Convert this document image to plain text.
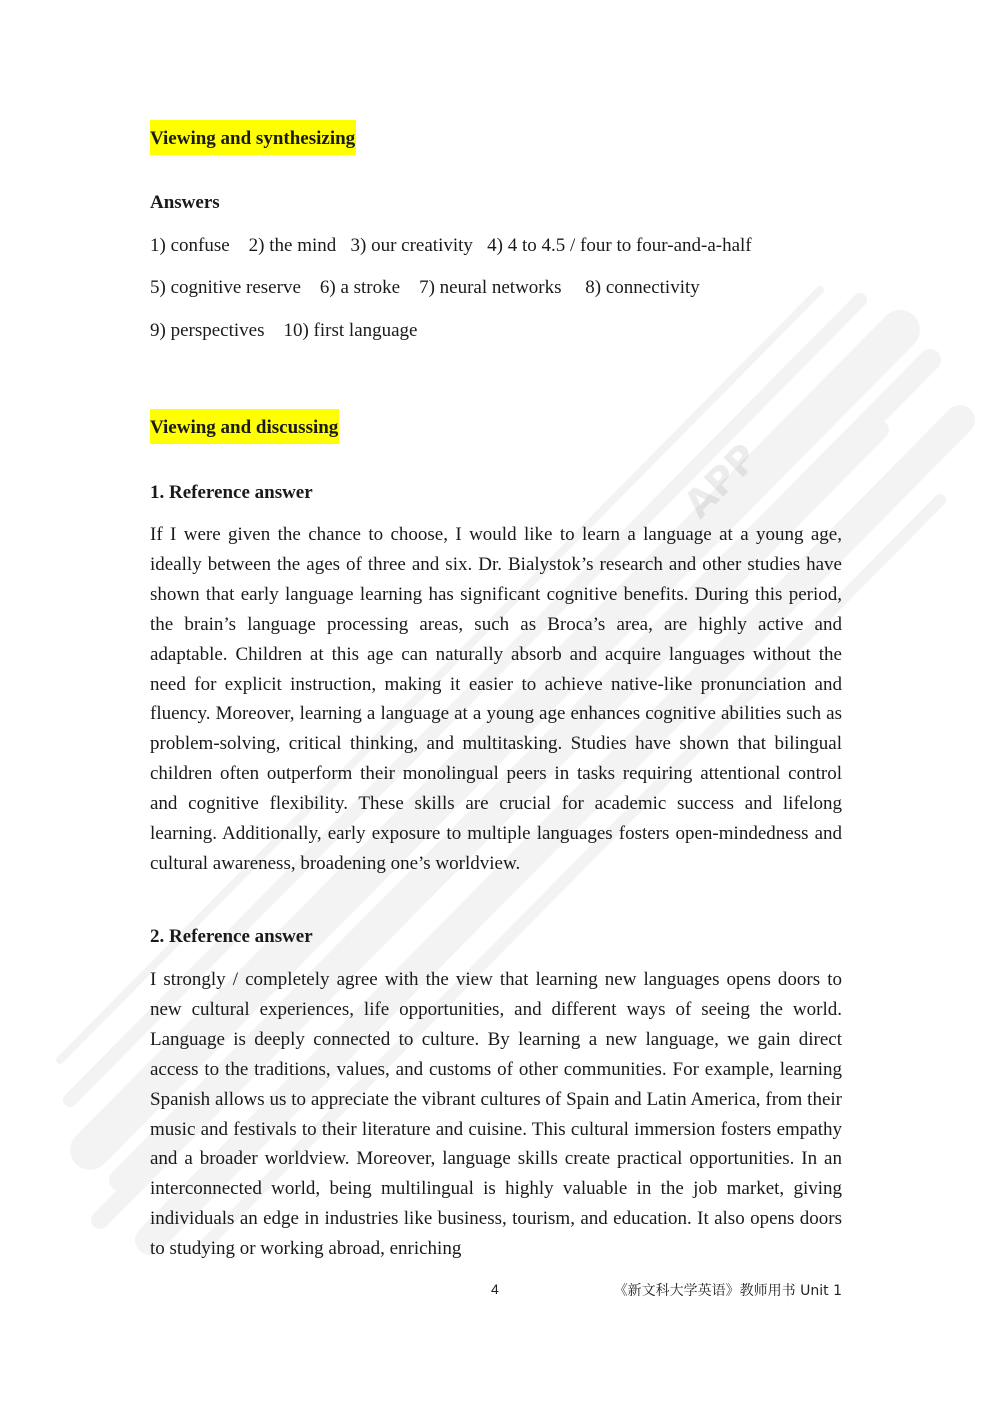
APP
Viewing and synthesizing
Answers
1) confuse    2) the mind   3) our creativity   4) 4 to 4.5 / four to four-and-a-half
5) cognitive reserve    6) a stroke    7) neural networks     8) connectivity
9) perspectives    10) first language
Viewing and discussing
1. Reference answer
If I were given the chance to choose, I would like to learn a language at a young age, ideally between the ages of three and six. Dr. Bialystok’s research and other studies have shown that early language learning has significant cognitive benefits. During this period, the brain’s language processing areas, such as Broca’s area, are highly active and adaptable. Children at this age can naturally absorb and acquire languages without the need for explicit instruction, making it easier to achieve native-like pronunciation and fluency. Moreover, learning a language at a young age enhances cognitive abilities such as problem-solving, critical thinking, and multitasking. Studies have shown that bilingual children often outperform their monolingual peers in tasks requiring attentional control and cognitive flexibility. These skills are crucial for academic success and lifelong learning. Additionally, early exposure to multiple languages fosters open-mindedness and cultural awareness, broadening one’s worldview.
2. Reference answer
I strongly / completely agree with the view that learning new languages opens doors to new cultural experiences, life opportunities, and different ways of seeing the world. Language is deeply connected to culture. By learning a new language, we gain direct access to the traditions, values, and customs of other communities. For example, learning Spanish allows us to appreciate the vibrant cultures of Spain and Latin America, from their music and festivals to their literature and cuisine. This cultural immersion fosters empathy and a broader worldview. Moreover, language skills create practical opportunities. In an interconnected world, being multilingual is highly valuable in the job market, giving individuals an edge in industries like business, tourism, and education. It also opens doors to studying or working abroad, enriching
4	《新文科大学英语》教师用书 Unit 1
